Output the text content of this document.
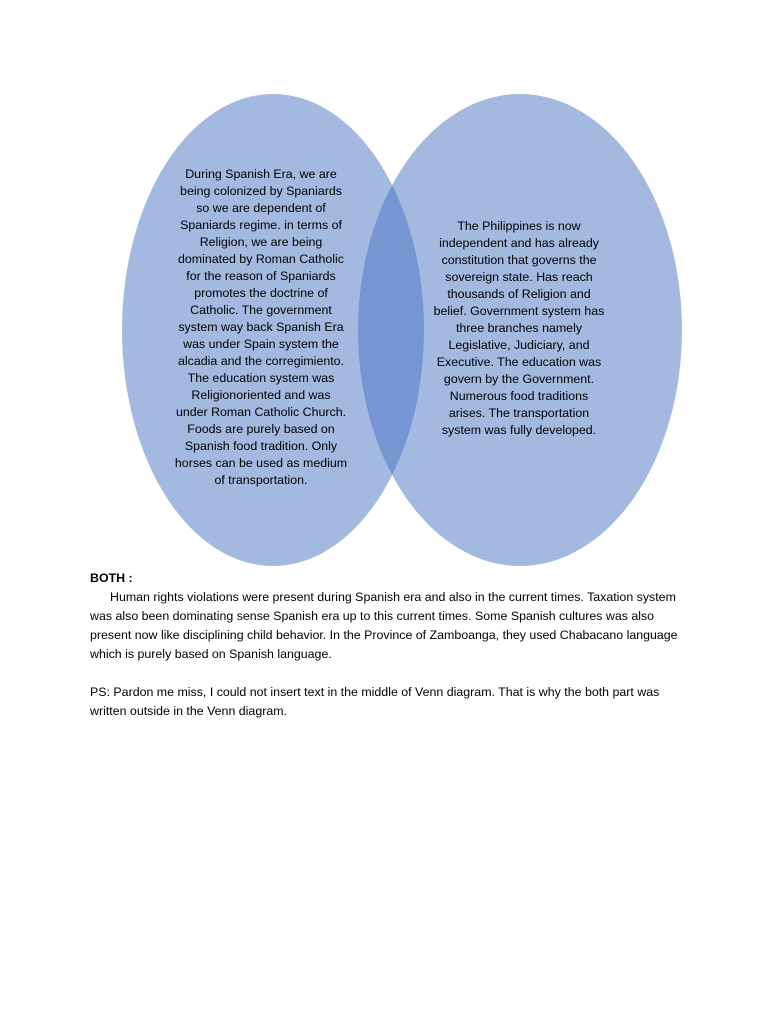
During Spanish Era, we are
being colonized by Spaniards
so we are dependent of
Spaniards regime. in terms of
Religion, we are being
dominated by Roman Catholic
for the reason of Spaniards
promotes the doctrine of
Catholic. The government
system way back Spanish Era
was under Spain system the
alcadia and the corregimiento.
The education system was
Religionoriented and was
under Roman Catholic Church.
Foods are purely based on
Spanish food tradition. Only
horses can be used as medium
of transportation.
The Philippines is now
independent and has already
constitution that governs the
sovereign state. Has reach
thousands of Religion and
belief. Government system has
three branches namely
Legislative, Judiciary, and
Executive. The education was
govern by the Government.
Numerous food traditions
arises. The transportation
system was fully developed.

BOTH :

Human rights violations were present during Spanish era and also in the current times. Taxation system was also been dominating sense Spanish era up to this current times. Some Spanish cultures was also present now like disciplining child behavior. In the Province of Zamboanga, they used Chabacano language which is purely based on Spanish language.

PS: Pardon me miss, I could not insert text in the middle of Venn diagram. That is why the both part was written outside in the Venn diagram.
